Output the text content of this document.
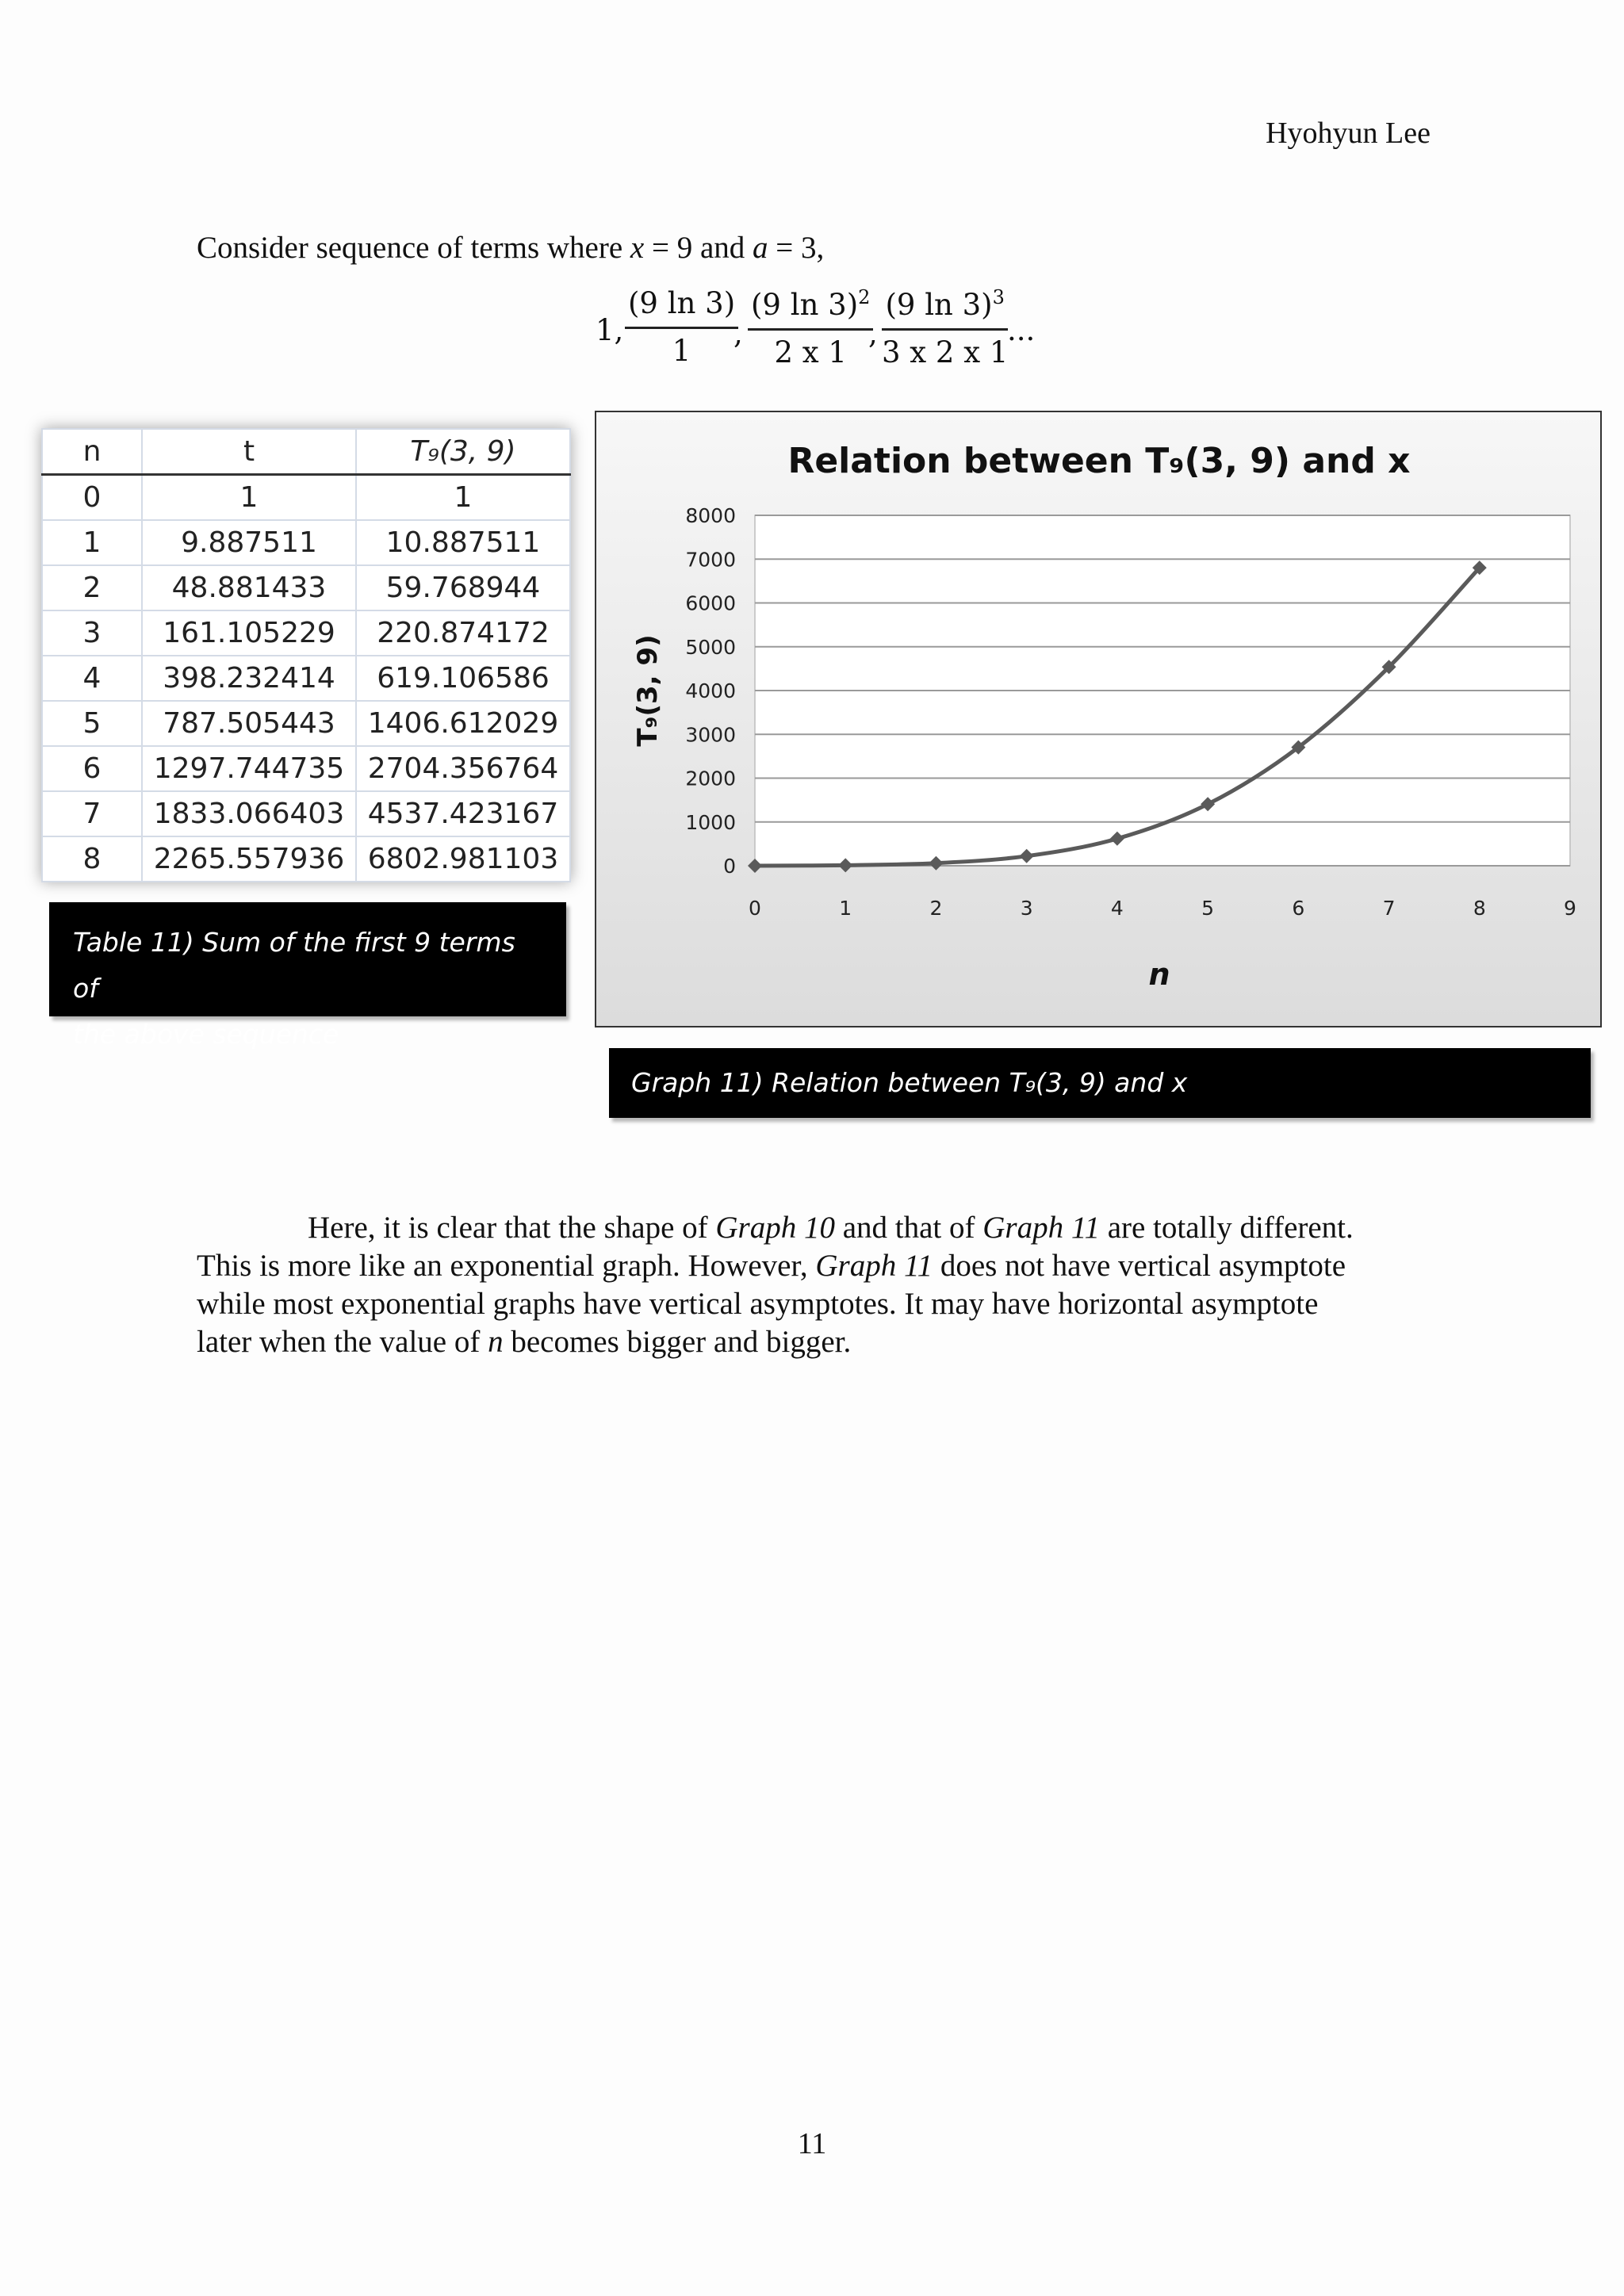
Hyohyun Lee
Consider sequence of terms where x = 9 and a = 3,
1, $\frac{(9 \ln 3)}{1}$
, $\frac{(9 \ln 3)^2}{2 x 1}$
, $\frac{(9 \ln 3)^3}{3 x 2 x 1}$
...
n	t	T₉(3, 9)
0	1	1
1	9.887511	10.887511
2	48.881433	59.768944
3	161.105229	220.874172
4	398.232414	619.106586
5	787.505443	1406.612029
6	1297.744735	2704.356764
7	1833.066403	4537.423167
8	2265.557936	6802.981103
Table 11) Sum of the first 9 terms of
the above sequence
0
1000
2000
3000
4000
5000
6000
7000
8000
0	1	2	3	4	5	6	7	8	9
Relation between T₉(3, 9) and x
n
T₉(3, 9)
Graph 11) Relation between T₉(3, 9) and x

Here, it is clear that the shape of Graph 10 and that of Graph 11 are totally different.

This is more like an exponential graph. However, Graph 11 does not have vertical asymptote

while most exponential graphs have vertical asymptotes. It may have horizontal asymptote

later when the value of n becomes bigger and bigger.

11
